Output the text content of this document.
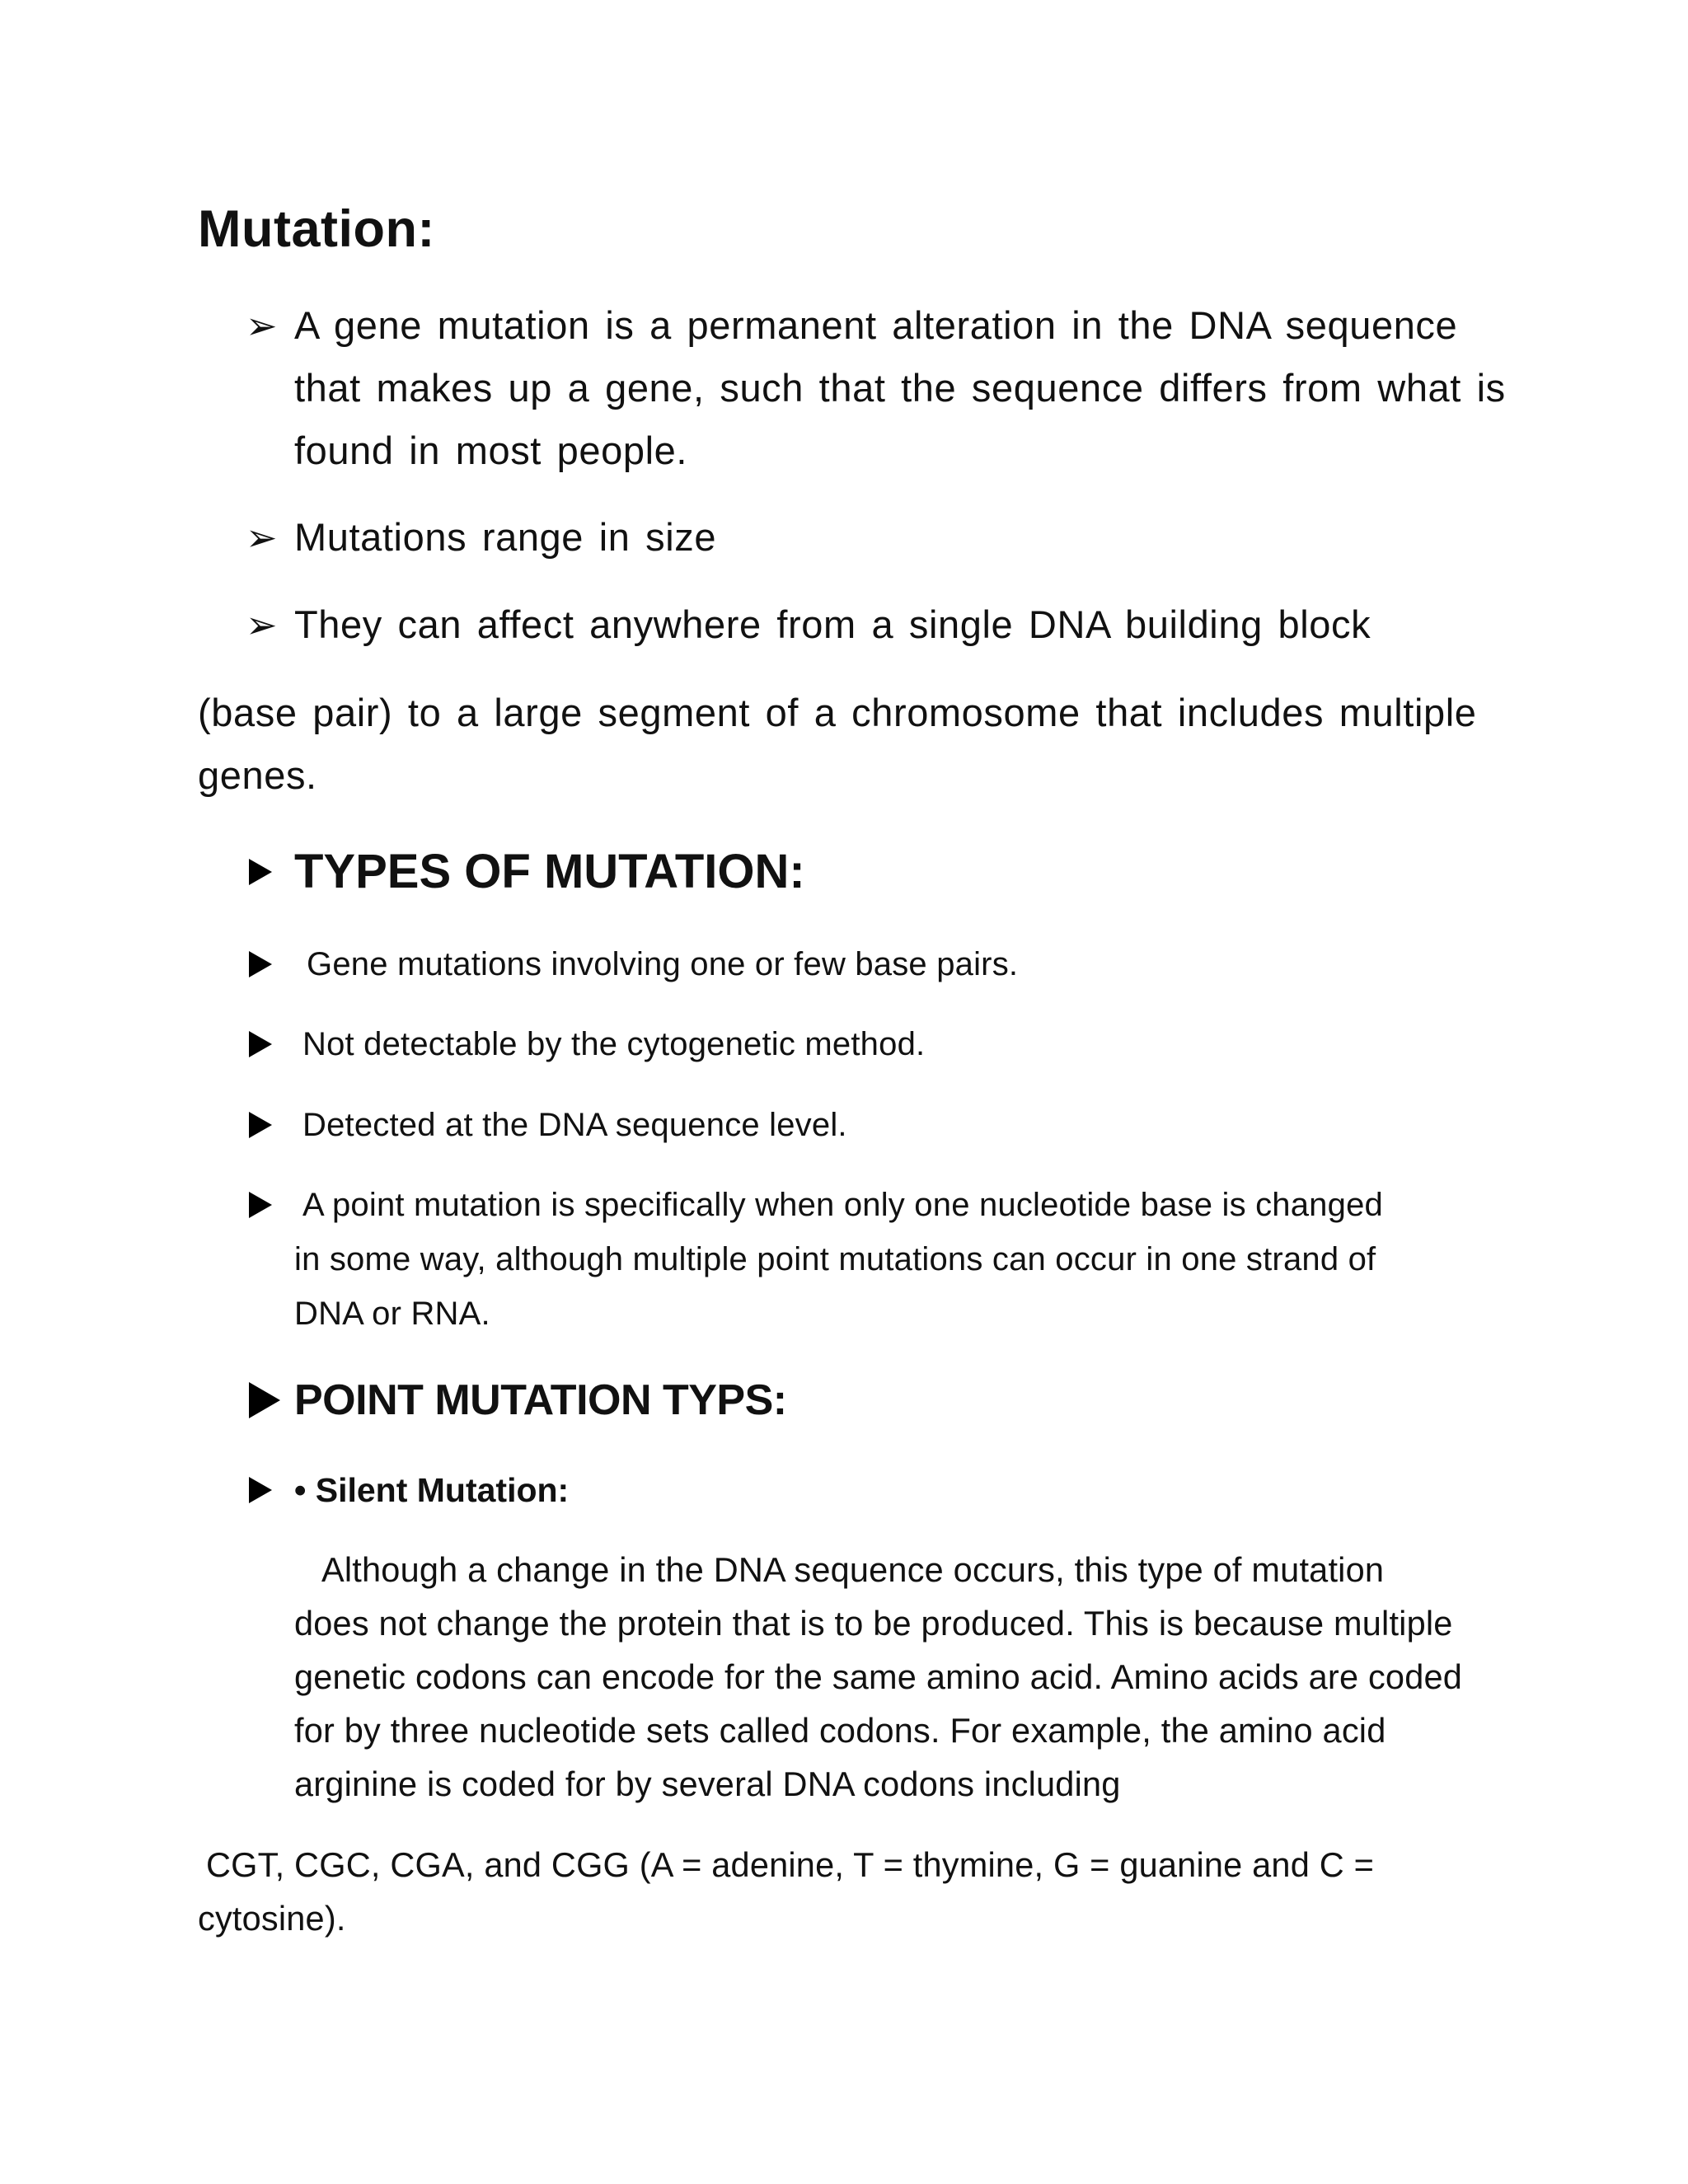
Mutation:
➢ A gene mutation is a permanent alteration in the DNA sequence
that makes up a gene, such that the sequence differs from what is
found in most people.
➢ Mutations range in size
➢ They can affect anywhere from a single DNA building block
(base pair) to a large segment of a chromosome that includes multiple
genes.
TYPES OF MUTATION:
Gene mutations involving one or few base pairs.
Not detectable by the cytogenetic method.
Detected at the DNA sequence level.
A point mutation is specifically when only one nucleotide base is changed
in some way, although multiple point mutations can occur in one strand of
DNA or RNA.
POINT MUTATION TYPS:
• Silent Mutation:
Although a change in the DNA sequence occurs, this type of mutation
does not change the protein that is to be produced. This is because multiple
genetic codons can encode for the same amino acid. Amino acids are coded
for by three nucleotide sets called codons. For example, the amino acid
arginine is coded for by several DNA codons including
CGT, CGC, CGA, and CGG (A = adenine, T = thymine, G = guanine and C =
cytosine).
